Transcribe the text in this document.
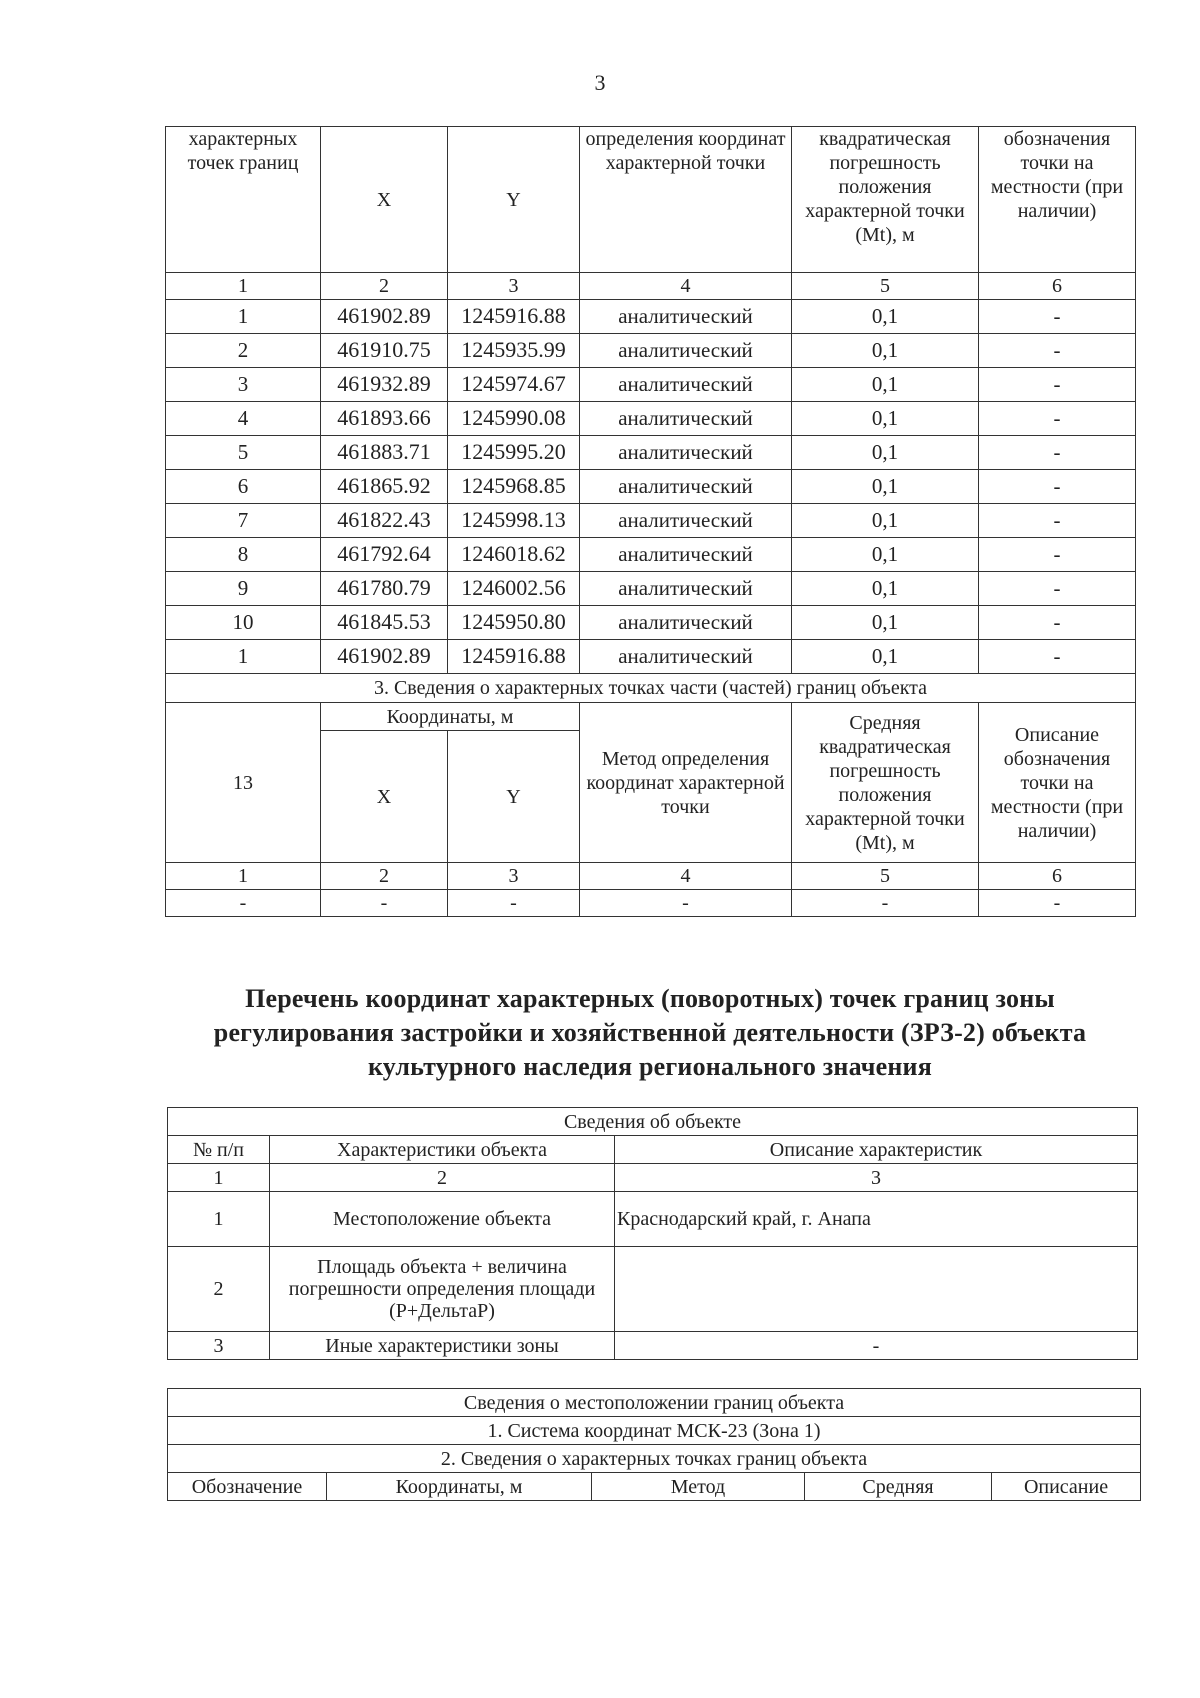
3
характерных точек границ	X	Y	определения координат характерной точки	квадратическая погрешность положения характерной точки (Mt), м	обозначения точки на местности (при наличии)
1	2	3	4	5	6
1	461902.89	1245916.88	аналитический	0,1	-
2	461910.75	1245935.99	аналитический	0,1	-
3	461932.89	1245974.67	аналитический	0,1	-
4	461893.66	1245990.08	аналитический	0,1	-
5	461883.71	1245995.20	аналитический	0,1	-
6	461865.92	1245968.85	аналитический	0,1	-
7	461822.43	1245998.13	аналитический	0,1	-
8	461792.64	1246018.62	аналитический	0,1	-
9	461780.79	1246002.56	аналитический	0,1	-
10	461845.53	1245950.80	аналитический	0,1	-
1	461902.89	1245916.88	аналитический	0,1	-
3. Сведения о характерных точках части (частей) границ объекта					
13	Координаты, м		Метод определения координат характерной точки	Средняя квадратическая погрешность положения характерной точки (Mt), м	Описание обозначения точки на местности (при наличии)
	X	Y			
1	2	3	4	5	6
-	-	-	-	-	-
Перечень координат характерных (поворотных) точек границ зоны
регулирования застройки и хозяйственной деятельности (ЗРЗ-2) объекта
культурного наследия регионального значения
Сведения об объекте		
№ п/п	Характеристики объекта	Описание характеристик
1	2	3
1	Местоположение объекта	Краснодарский край, г. Анапа
2	Площадь объекта + величина погрешности определения площади (P+ДельтаР)	
3	Иные характеристики зоны	-
Сведения о местоположении границ объекта
1. Система координат МСК-23 (Зона 1)
2. Сведения о характерных точках границ объекта
Обозначение	Координаты, м	Метод	Средняя	Описание
